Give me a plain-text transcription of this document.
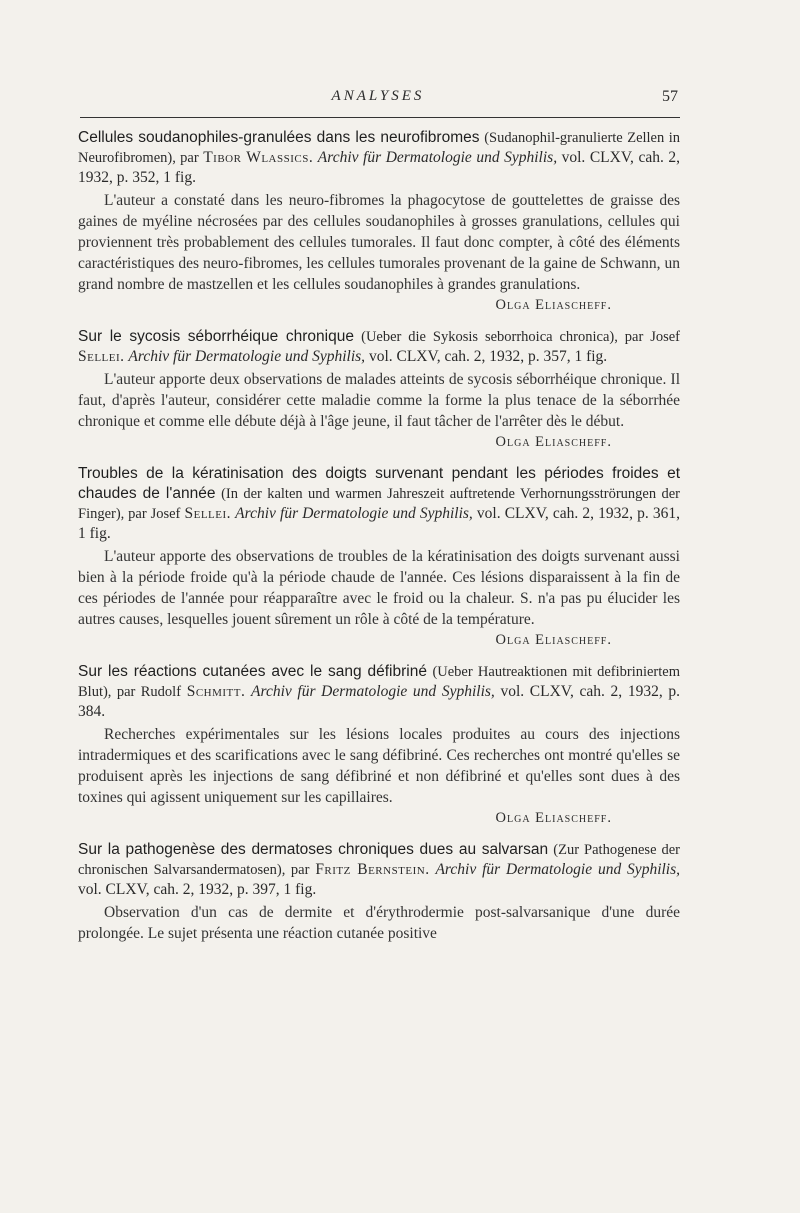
ANALYSES	57

Cellules soudanophiles-granulées dans les neurofibromes (Sudanophil-granulierte Zellen in Neurofibromen), par Tibor Wlassics. Archiv für Dermatologie und Syphilis, vol. CLXV, cah. 2, 1932, p. 352, 1 fig.

L'auteur a constaté dans les neuro-fibromes la phagocytose de gouttelettes de graisse des gaines de myéline nécrosées par des cellules soudanophiles à grosses granulations, cellules qui proviennent très probablement des cellules tumorales. Il faut donc compter, à côté des éléments caractéristiques des neuro-fibromes, les cellules tumorales provenant de la gaine de Schwann, un grand nombre de mastzellen et les cellules soudanophiles à grandes granulations.

Olga Eliascheff.

Sur le sycosis séborrhéique chronique (Ueber die Sykosis seborrhoica chronica), par Josef Sellei. Archiv für Dermatologie und Syphilis, vol. CLXV, cah. 2, 1932, p. 357, 1 fig.

L'auteur apporte deux observations de malades atteints de sycosis séborrhéique chronique. Il faut, d'après l'auteur, considérer cette maladie comme la forme la plus tenace de la séborrhée chronique et comme elle débute déjà à l'âge jeune, il faut tâcher de l'arrêter dès le début.

Olga Eliascheff.

Troubles de la kératinisation des doigts survenant pendant les périodes froides et chaudes de l'année (In der kalten und warmen Jahreszeit auftretende Verhornungsströrungen der Finger), par Josef Sellei. Archiv für Dermatologie und Syphilis, vol. CLXV, cah. 2, 1932, p. 361, 1 fig.

L'auteur apporte des observations de troubles de la kératinisation des doigts survenant aussi bien à la période froide qu'à la période chaude de l'année. Ces lésions disparaissent à la fin de ces périodes de l'année pour réapparaître avec le froid ou la chaleur. S. n'a pas pu élucider les autres causes, lesquelles jouent sûrement un rôle à côté de la température.

Olga Eliascheff.

Sur les réactions cutanées avec le sang défibriné (Ueber Hautreaktionen mit defibriniertem Blut), par Rudolf Schmitt. Archiv für Dermatologie und Syphilis, vol. CLXV, cah. 2, 1932, p. 384.

Recherches expérimentales sur les lésions locales produites au cours des injections intradermiques et des scarifications avec le sang défibriné. Ces recherches ont montré qu'elles se produisent après les injections de sang défibriné et non défibriné et qu'elles sont dues à des toxines qui agissent uniquement sur les capillaires.

Olga Eliascheff.

Sur la pathogenèse des dermatoses chroniques dues au salvarsan (Zur Pathogenese der chronischen Salvarsandermatosen), par Fritz Bernstein. Archiv für Dermatologie und Syphilis, vol. CLXV, cah. 2, 1932, p. 397, 1 fig.

Observation d'un cas de dermite et d'érythrodermie post-salvarsanique d'une durée prolongée. Le sujet présenta une réaction cutanée positive
